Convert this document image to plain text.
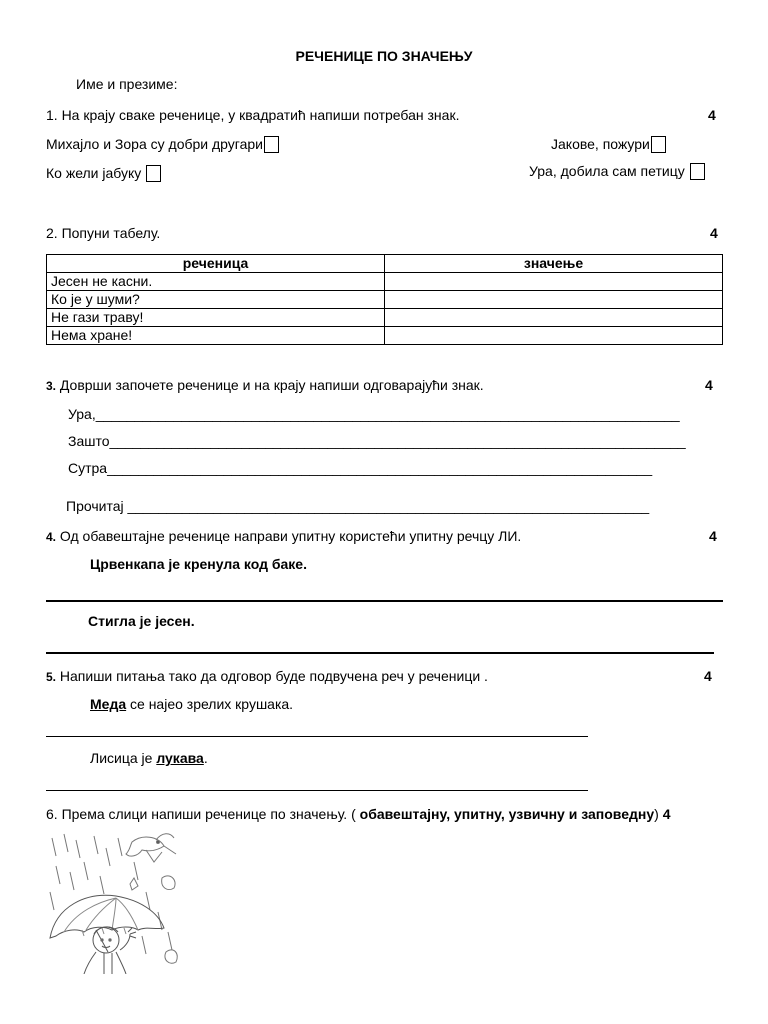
РЕЧЕНИЦЕ ПО ЗНАЧЕЊУ
Име и презиме:
1. На крају сваке реченице, у квадратић напиши потребан знак.	4
Михајло и Зора су добри другари	Јакове, пожури
Ко жели јабуку	Ура, добила сам петицу
2. Попуни табелу.	4
реченица	значење
Јесен не касни.	
Ко је у шуми?	
Не гази траву!	
Нема хране!	
3. Доврши започете реченице и на крају напиши одговарајући знак.	4
Ура,___________________________________________________________________________
Зашто__________________________________________________________________________
Сутра______________________________________________________________________
Прочитај ___________________________________________________________________
4. Од обавештајне реченице направи упитну користећи упитну речцу ЛИ.	4
Црвенкапа је кренула код баке.
Стигла је јесен.
5. Напиши питања тако да одговор буде подвучена реч у реченици .	4
Меда се најео зрелих крушака.
Лисица је лукава.
6. Према слици напиши реченице по значењу. ( обавештајну, упитну, узвичну и заповедну) 4
